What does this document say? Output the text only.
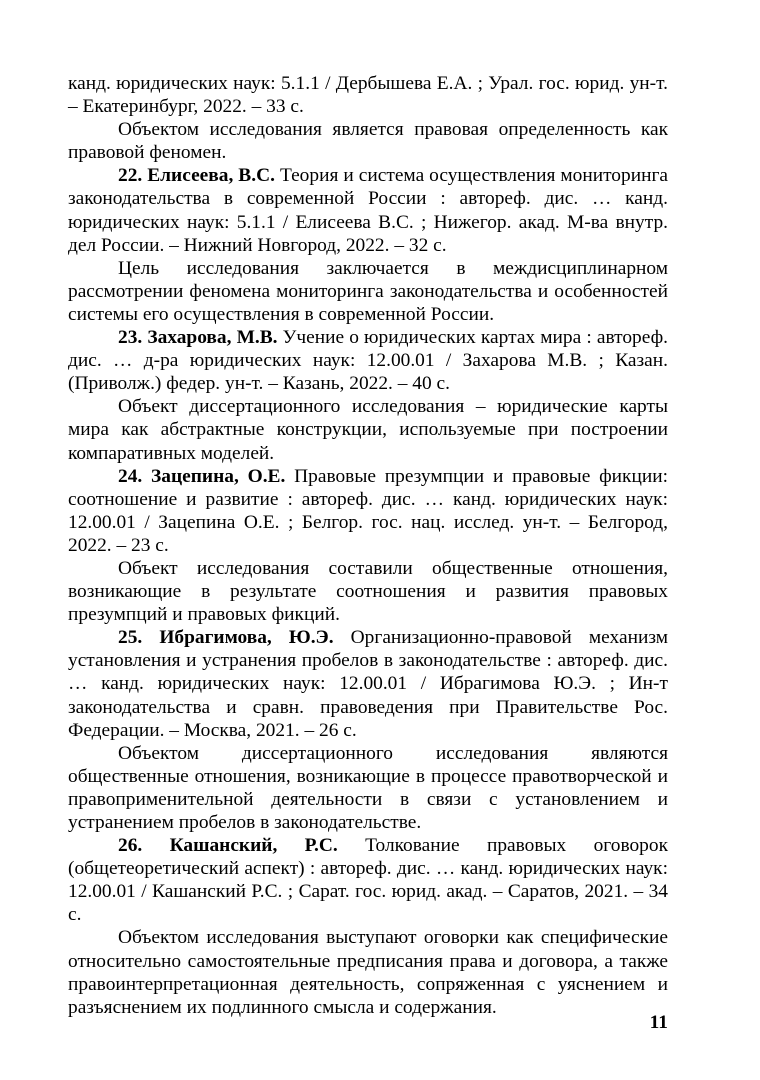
канд. юридических наук: 5.1.1 / Дербышева Е.А. ; Урал. гос. юрид. ун-т. – Екатеринбург, 2022. – 33 с.

Объектом исследования является правовая определенность как правовой феномен.

22. Елисеева, В.С. Теория и система осуществления мониторинга законодательства в современной России : автореф. дис. … канд. юридических наук: 5.1.1 / Елисеева В.С. ; Нижегор. акад. М-ва внутр. дел России. – Нижний Новгород, 2022. – 32 с.

Цель исследования заключается в междисциплинарном рассмотрении феномена мониторинга законодательства и особенностей системы его осуществления в современной России.

23. Захарова, М.В. Учение о юридических картах мира : автореф. дис. … д-ра юридических наук: 12.00.01 / Захарова М.В. ; Казан. (Приволж.) федер. ун-т. – Казань, 2022. – 40 с.

Объект диссертационного исследования – юридические карты мира как абстрактные конструкции, используемые при построении компаративных моделей.

24. Зацепина, О.Е. Правовые презумпции и правовые фикции: соотношение и развитие : автореф. дис. … канд. юридических наук: 12.00.01 / Зацепина О.Е. ; Белгор. гос. нац. исслед. ун-т. – Белгород, 2022. – 23 с.

Объект исследования составили общественные отношения, возникающие в результате соотношения и развития правовых презумпций и правовых фикций.

25. Ибрагимова, Ю.Э. Организационно-правовой механизм установления и устранения пробелов в законодательстве : автореф. дис. … канд. юридических наук: 12.00.01 / Ибрагимова Ю.Э. ; Ин-т законодательства и сравн. правоведения при Правительстве Рос. Федерации. – Москва, 2021. – 26 с.

Объектом диссертационного исследования являются общественные отношения, возникающие в процессе правотворческой и правоприменительной деятельности в связи с установлением и устранением пробелов в законодательстве.

26. Кашанский, Р.С. Толкование правовых оговорок (общетеоретический аспект) : автореф. дис. … канд. юридических наук: 12.00.01 / Кашанский Р.С. ; Сарат. гос. юрид. акад. – Саратов, 2021. – 34 с.

Объектом исследования выступают оговорки как специфические относительно самостоятельные предписания права и договора, а также правоинтерпретационная деятельность, сопряженная с уяснением и разъяснением их подлинного смысла и содержания.

11
